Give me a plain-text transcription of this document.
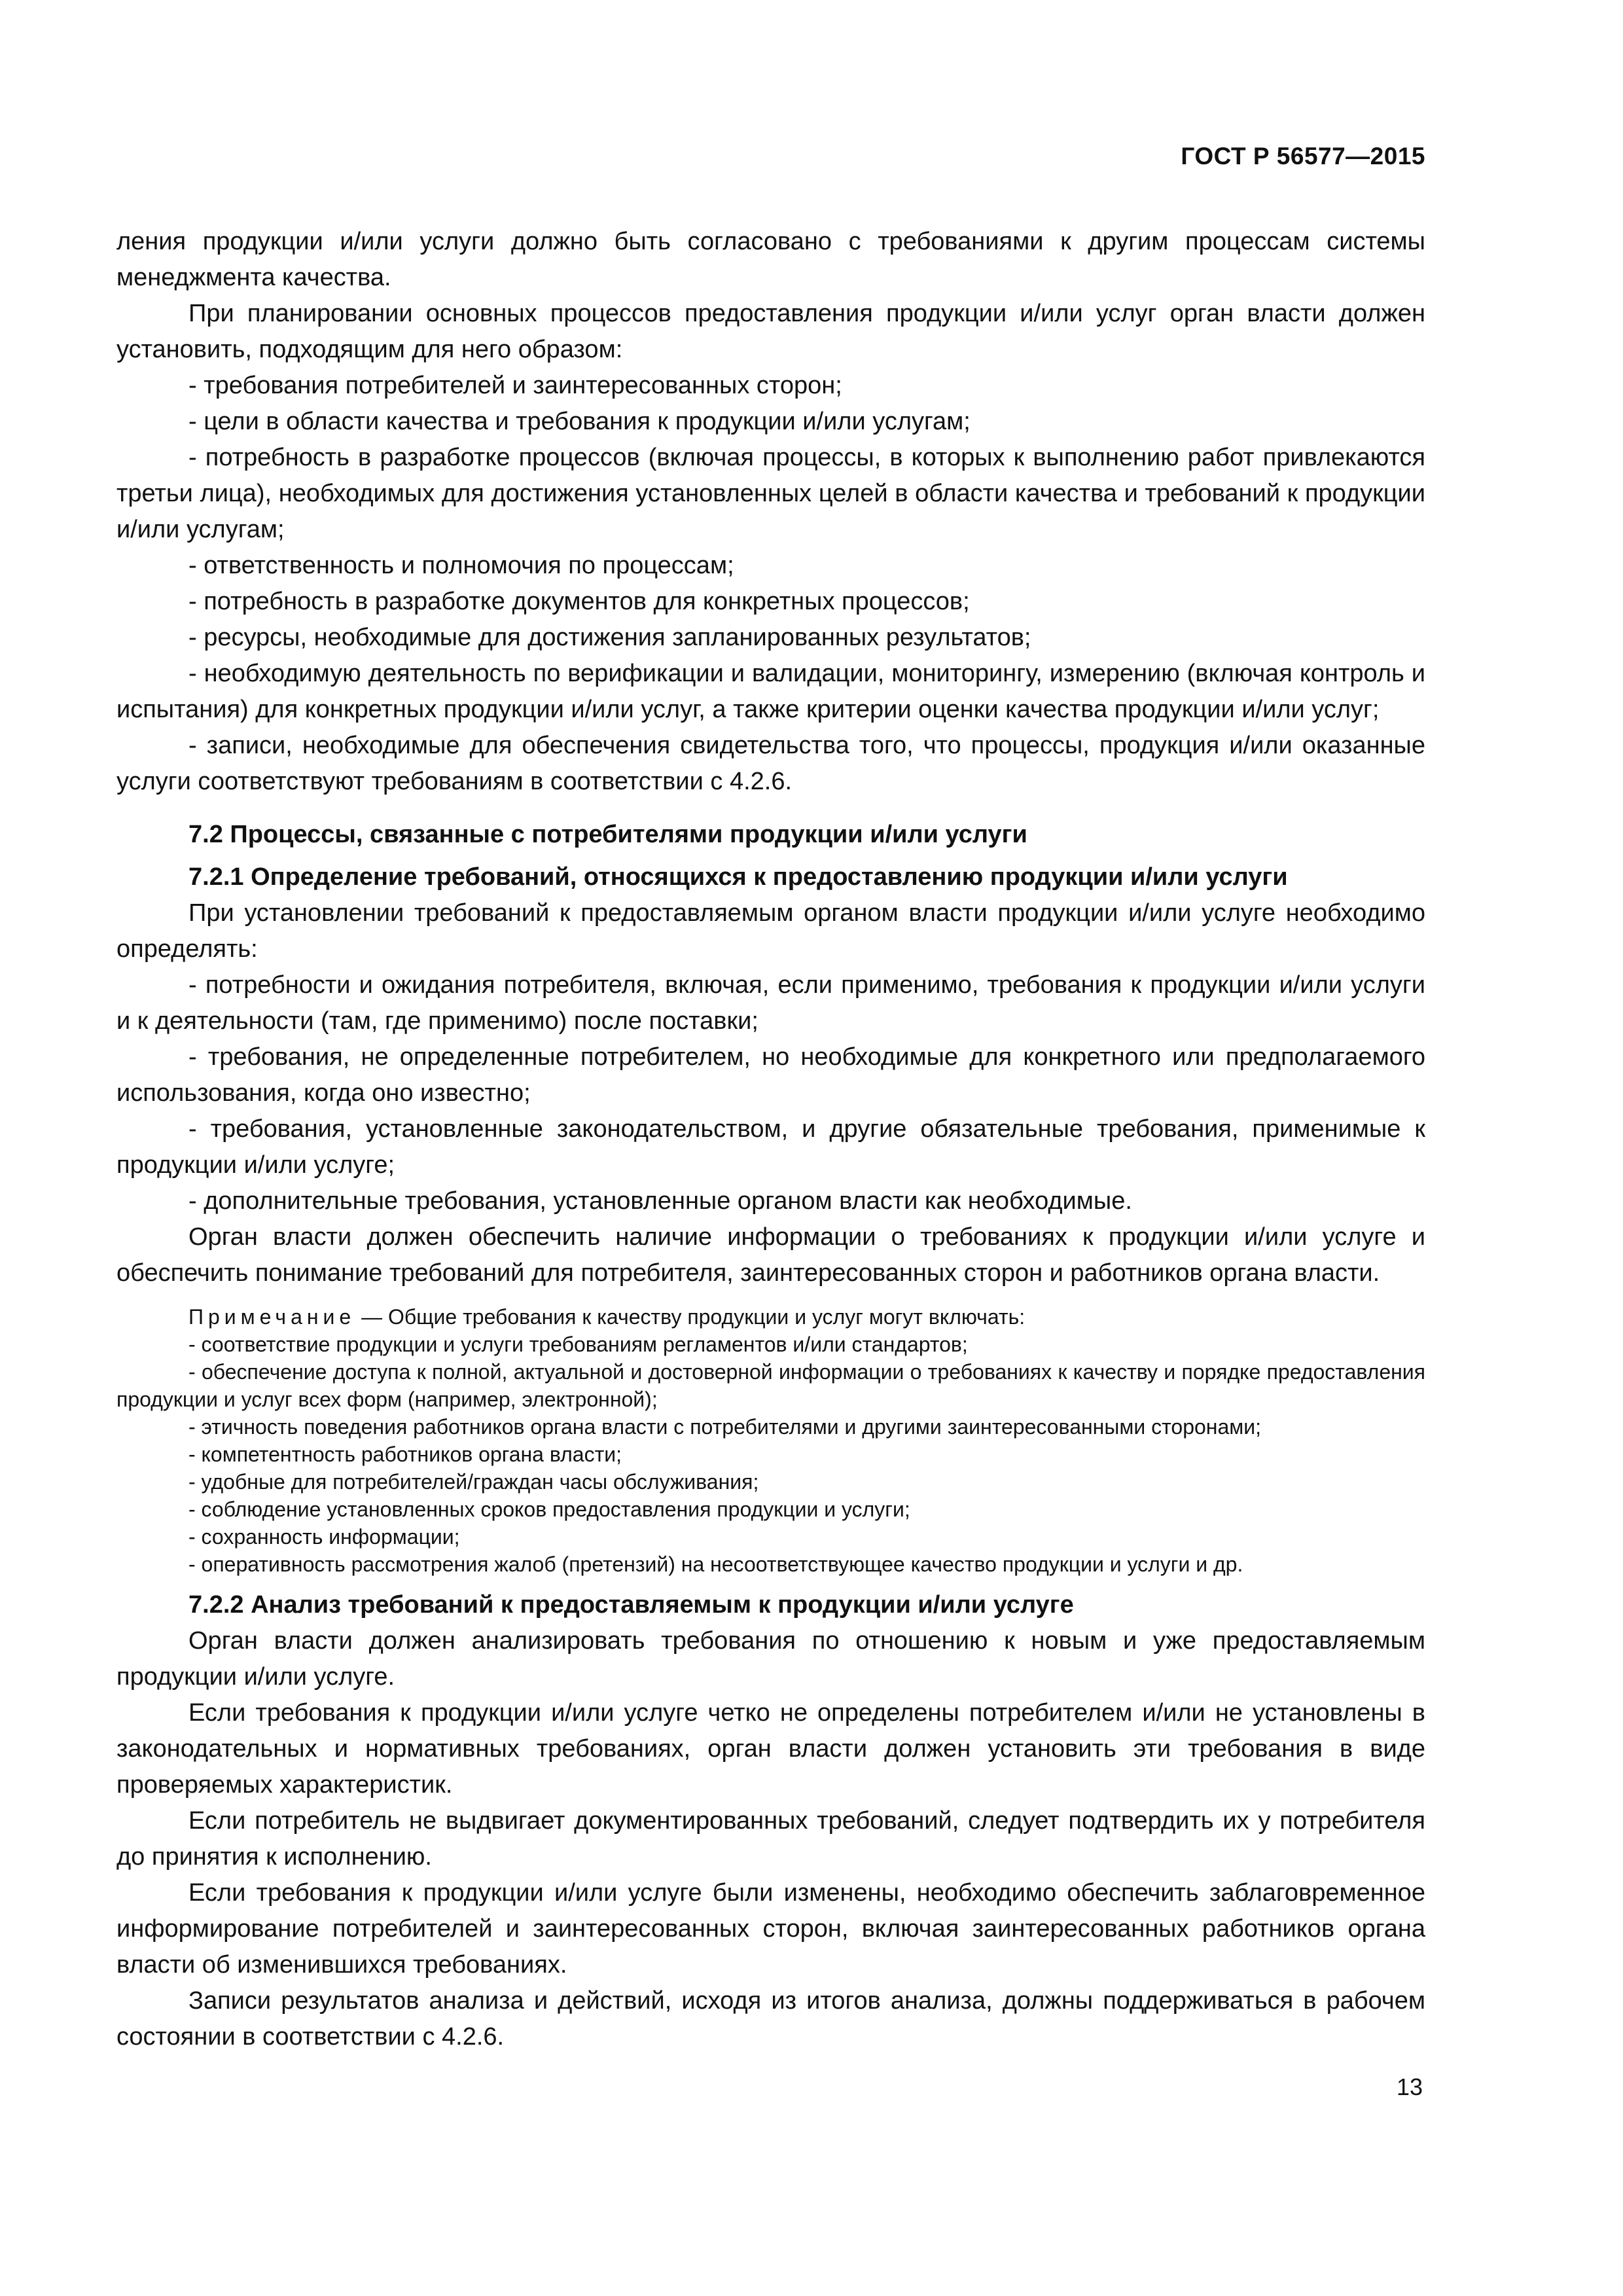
ГОСТ Р 56577—2015

ления продукции и/или услуги должно быть согласовано с требованиями к другим процессам системы менеджмента качества.

При планировании основных процессов предоставления продукции и/или услуг орган власти должен установить, подходящим для него образом:

- требования потребителей и заинтересованных сторон;

- цели в области качества и требования к продукции и/или услугам;

- потребность в разработке процессов (включая процессы, в которых к выполнению работ привлекаются третьи лица), необходимых для достижения установленных целей в области качества и требований к продукции и/или услугам;

- ответственность и полномочия по процессам;

- потребность в разработке документов для конкретных процессов;

- ресурсы, необходимые для достижения запланированных результатов;

- необходимую деятельность по верификации и валидации, мониторингу, измерению (включая контроль и испытания) для конкретных продукции и/или услуг, а также критерии оценки качества продукции и/или услуг;

- записи, необходимые для обеспечения свидетельства того, что процессы, продукция и/или оказанные услуги соответствуют требованиям в соответствии с 4.2.6.

7.2 Процессы, связанные с потребителями продукции и/или услуги

7.2.1 Определение требований, относящихся к предоставлению продукции и/или услуги

При установлении требований к предоставляемым органом власти продукции и/или услуге необходимо определять:

- потребности и ожидания потребителя, включая, если применимо, требования к продукции и/или услуги и к деятельности (там, где применимо) после поставки;

- требования, не определенные потребителем, но необходимые для конкретного или предполагаемого использования, когда оно известно;

- требования, установленные законодательством, и другие обязательные требования, применимые к продукции и/или услуге;

- дополнительные требования, установленные органом власти как необходимые.

Орган власти должен обеспечить наличие информации о требованиях к продукции и/или услуге и обеспечить понимание требований для потребителя, заинтересованных сторон и работников органа власти.

Примечание — Общие требования к качеству продукции и услуг могут включать:

- соответствие продукции и услуги требованиям регламентов и/или стандартов;

- обеспечение доступа к полной, актуальной и достоверной информации о требованиях к качеству и порядке предоставления продукции и услуг всех форм (например, электронной);

- этичность поведения работников органа власти с потребителями и другими заинтересованными сторонами;

- компетентность работников органа власти;

- удобные для потребителей/граждан часы обслуживания;

- соблюдение установленных сроков предоставления продукции и услуги;

- сохранность информации;

- оперативность рассмотрения жалоб (претензий) на несоответствующее качество продукции и услуги и др.

7.2.2 Анализ требований к предоставляемым к продукции и/или услуге

Орган власти должен анализировать требования по отношению к новым и уже предоставляемым продукции и/или услуге.

Если требования к продукции и/или услуге четко не определены потребителем и/или не установлены в законодательных и нормативных требованиях, орган власти должен установить эти требования в виде проверяемых характеристик.

Если потребитель не выдвигает документированных требований, следует подтвердить их у потребителя до принятия к исполнению.

Если требования к продукции и/или услуге были изменены, необходимо обеспечить заблаговременное информирование потребителей и заинтересованных сторон, включая заинтересованных работников органа власти об изменившихся требованиях.

Записи результатов анализа и действий, исходя из итогов анализа, должны поддерживаться в рабочем состоянии в соответствии с 4.2.6.

13
